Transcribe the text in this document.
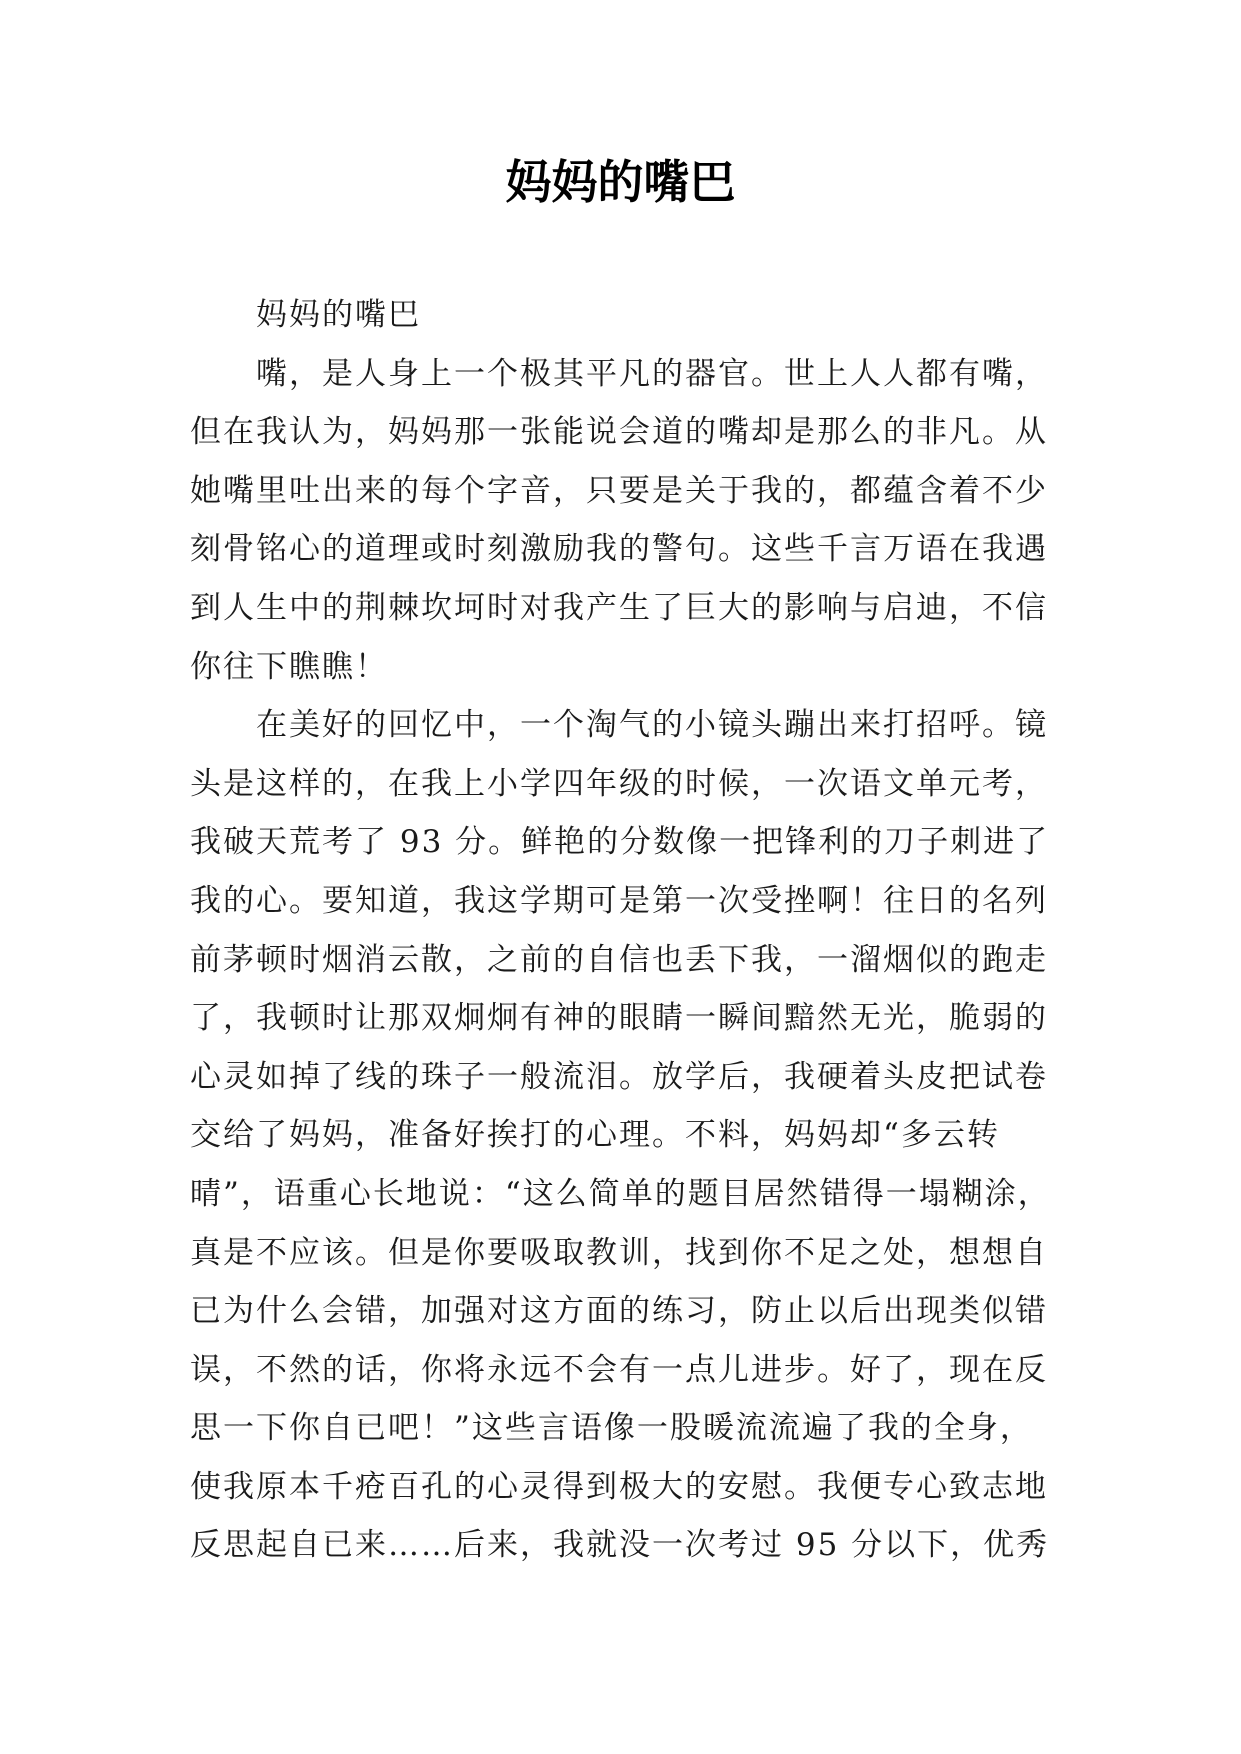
妈妈的嘴巴
妈妈的嘴巴
嘴，是人身上一个极其平凡的器官。世上人人都有嘴，
但在我认为，妈妈那一张能说会道的嘴却是那么的非凡。从
她嘴里吐出来的每个字音，只要是关于我的，都蕴含着不少
刻骨铭心的道理或时刻激励我的警句。这些千言万语在我遇
到人生中的荆棘坎坷时对我产生了巨大的影响与启迪，不信
你往下瞧瞧！
在美好的回忆中，一个淘气的小镜头蹦出来打招呼。镜
头是这样的，在我上小学四年级的时候，一次语文单元考，
我破天荒考了 93 分。鲜艳的分数像一把锋利的刀子刺进了
我的心。要知道，我这学期可是第一次受挫啊！往日的名列
前茅顿时烟消云散，之前的自信也丢下我，一溜烟似的跑走
了，我顿时让那双炯炯有神的眼睛一瞬间黯然无光，脆弱的
心灵如掉了线的珠子一般流泪。放学后，我硬着头皮把试卷
交给了妈妈，准备好挨打的心理。不料，妈妈却“多云转
晴”，语重心长地说：“这么简单的题目居然错得一塌糊涂，
真是不应该。但是你要吸取教训，找到你不足之处，想想自
已为什么会错，加强对这方面的练习，防止以后出现类似错
误，不然的话，你将永远不会有一点儿进步。好了，现在反
思一下你自已吧！”这些言语像一股暖流流遍了我的全身，
使我原本千疮百孔的心灵得到极大的安慰。我便专心致志地
反思起自已来……后来，我就没一次考过 95 分以下，优秀
